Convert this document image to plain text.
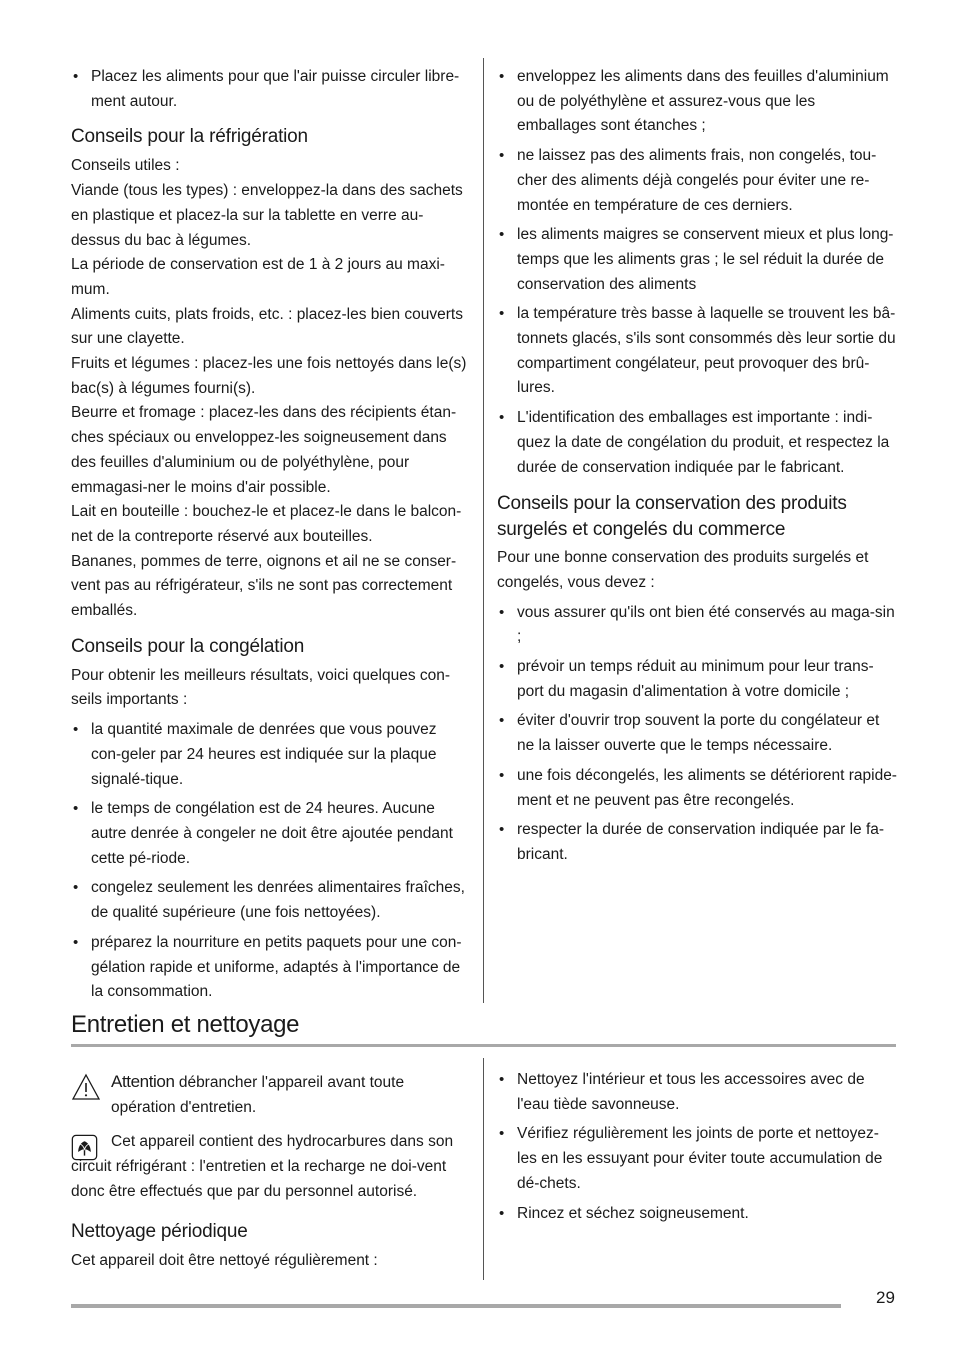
• Placez les aliments pour que l'air puisse circuler libre-ment autour.
Conseils pour la réfrigération

Conseils utiles :

Viande (tous les types) : enveloppez-la dans des sachets en plastique et placez-la sur la tablette en verre au-dessus du bac à légumes.

La période de conservation est de 1 à 2 jours au maxi-mum.

Aliments cuits, plats froids, etc. : placez-les bien couverts sur une clayette.

Fruits et légumes : placez-les une fois nettoyés dans le(s) bac(s) à légumes fourni(s).

Beurre et fromage : placez-les dans des récipients étan-ches spéciaux ou enveloppez-les soigneusement dans des feuilles d'aluminium ou de polyéthylène, pour emmagasi-ner le moins d'air possible.

Lait en bouteille : bouchez-le et placez-le dans le balcon-net de la contreporte réservé aux bouteilles.

Bananes, pommes de terre, oignons et ail ne se conser-vent pas au réfrigérateur, s'ils ne sont pas correctement emballés.

Conseils pour la congélation

Pour obtenir les meilleurs résultats, voici quelques con-seils importants :

• la quantité maximale de denrées que vous pouvez con-geler par 24 heures est indiquée sur la plaque signalé-tique.
• le temps de congélation est de 24 heures. Aucune autre denrée à congeler ne doit être ajoutée pendant cette pé-riode.
• congelez seulement les denrées alimentaires fraîches, de qualité supérieure (une fois nettoyées).
• préparez la nourriture en petits paquets pour une con-gélation rapide et uniforme, adaptés à l'importance de la consommation.
• enveloppez les aliments dans des feuilles d'aluminium ou de polyéthylène et assurez-vous que les emballages sont étanches ;
• ne laissez pas des aliments frais, non congelés, tou-cher des aliments déjà congelés pour éviter une re-montée en température de ces derniers.
• les aliments maigres se conservent mieux et plus long-temps que les aliments gras ; le sel réduit la durée de conservation des aliments
• la température très basse à laquelle se trouvent les bâ-tonnets glacés, s'ils sont consommés dès leur sortie du compartiment congélateur, peut provoquer des brû-lures.
• L'identification des emballages est importante : indi-quez la date de congélation du produit, et respectez la durée de conservation indiquée par le fabricant.
Conseils pour la conservation des produits surgelés et congelés du commerce

Pour une bonne conservation des produits surgelés et congelés, vous devez :

• vous assurer qu'ils ont bien été conservés au maga-sin ;
• prévoir un temps réduit au minimum pour leur trans-port du magasin d'alimentation à votre domicile ;
• éviter d'ouvrir trop souvent la porte du congélateur et ne la laisser ouverte que le temps nécessaire.
• une fois décongelés, les aliments se détériorent rapide-ment et ne peuvent pas être recongelés.
• respecter la durée de conservation indiquée par le fa-bricant.
Entretien et nettoyage
Attention débrancher l'appareil avant toute opération d'entretien.

Cet appareil contient des hydrocarbures dans son circuit réfrigérant : l'entretien et la recharge ne doi-vent donc être effectués que par du personnel autorisé.

Nettoyage périodique

Cet appareil doit être nettoyé régulièrement :

• Nettoyez l'intérieur et tous les accessoires avec de l'eau tiède savonneuse.
• Vérifiez régulièrement les joints de porte et nettoyez-les en les essuyant pour éviter toute accumulation de dé-chets.
• Rincez et séchez soigneusement.
29
